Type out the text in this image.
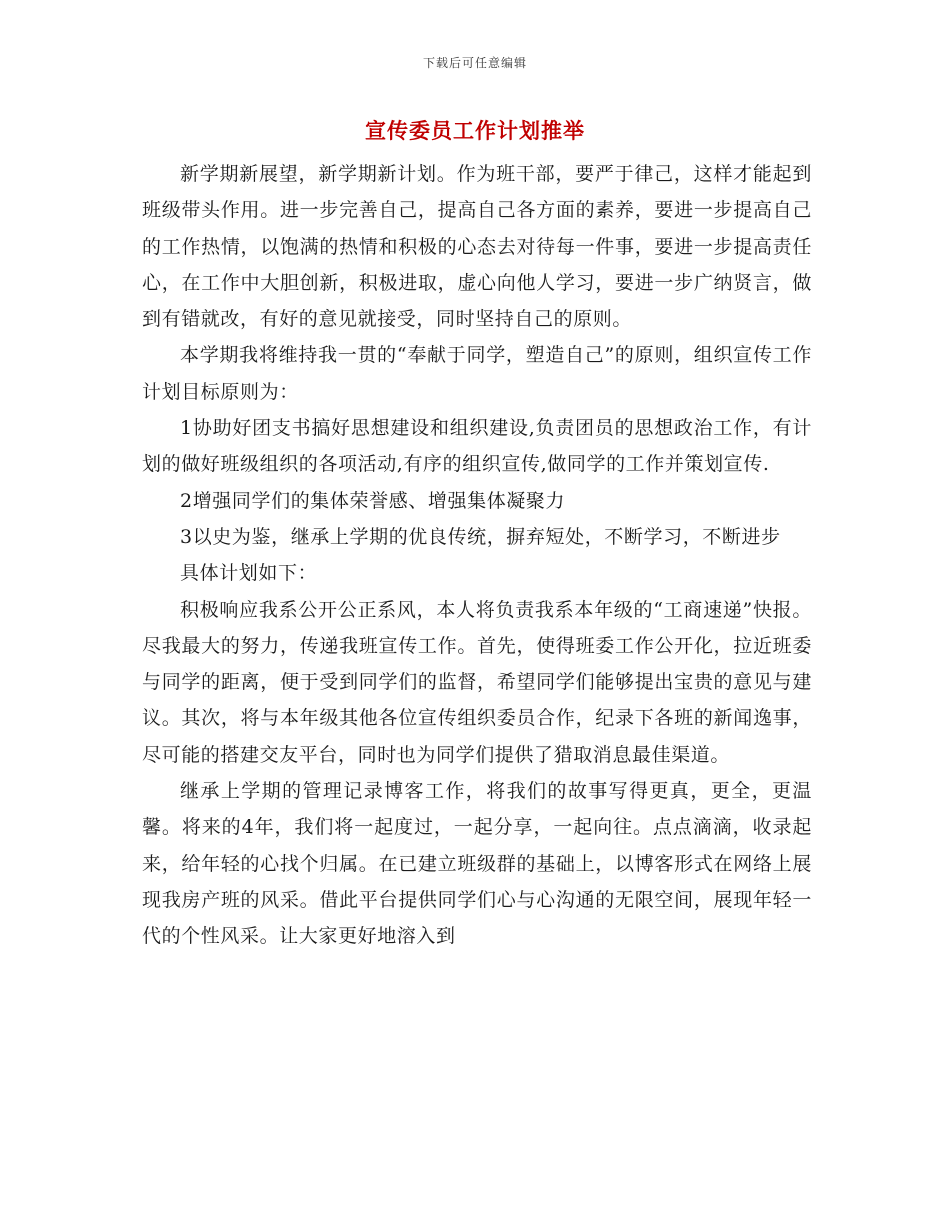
下载后可任意编辑
宣传委员工作计划推举

新学期新展望，新学期新计划。作为班干部，要严于律己，这样才能起到班级带头作用。进一步完善自己，提高自己各方面的素养，要进一步提高自己的工作热情，以饱满的热情和积极的心态去对待每一件事，要进一步提高责任心，在工作中大胆创新，积极进取，虚心向他人学习，要进一步广纳贤言，做到有错就改，有好的意见就接受，同时坚持自己的原则。

本学期我将维持我一贯的“奉献于同学，塑造自己”的原则，组织宣传工作计划目标原则为：

1协助好团支书搞好思想建设和组织建设,负责团员的思想政治工作，有计划的做好班级组织的各项活动,有序的组织宣传,做同学的工作并策划宣传.

2增强同学们的集体荣誉感、增强集体凝聚力

3以史为鉴，继承上学期的优良传统，摒弃短处，不断学习，不断进步

具体计划如下：

积极响应我系公开公正系风，本人将负责我系本年级的“工商速递”快报。尽我最大的努力，传递我班宣传工作。首先，使得班委工作公开化，拉近班委与同学的距离，便于受到同学们的监督，希望同学们能够提出宝贵的意见与建议。其次，将与本年级其他各位宣传组织委员合作，纪录下各班的新闻逸事，尽可能的搭建交友平台，同时也为同学们提供了猎取消息最佳渠道。

继承上学期的管理记录博客工作，将我们的故事写得更真，更全，更温馨。将来的4年，我们将一起度过，一起分享，一起向往。点点滴滴，收录起来，给年轻的心找个归属。在已建立班级群的基础上，以博客形式在网络上展现我房产班的风采。借此平台提供同学们心与心沟通的无限空间，展现年轻一代的个性风采。让大家更好地溶入到
